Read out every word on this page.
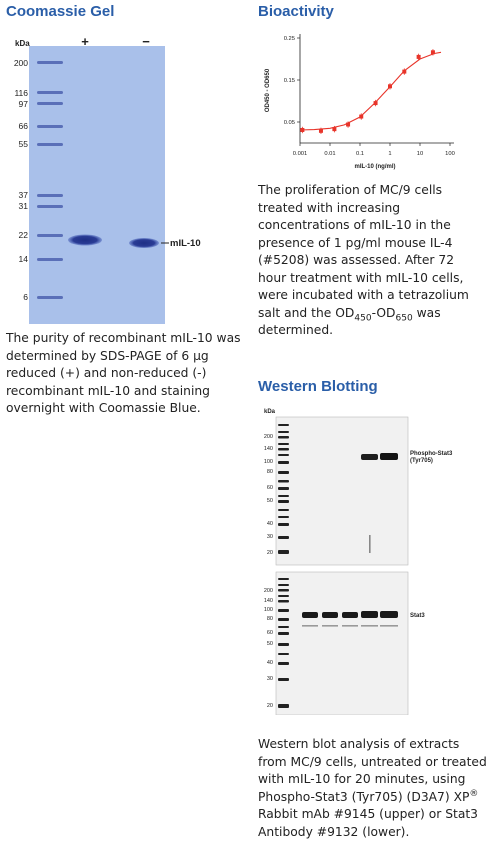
Coomassie Gel
kDa	+	−
200
116
97
66
55
37
31
22
14
6
mIL-10
The purity of recombinant mIL-10 was determined by SDS-PAGE of 6 µg reduced (+) and non-reduced (-) recombinant mIL-10 and staining overnight with Coomassie Blue.
Bioactivity
0.001	0.01	0.1	1	10	100
0.05
0.15
0.25
mIL-10 (ng/ml)
OD450 - OD650
The proliferation of MC/9 cells treated with increasing concentrations of mIL-10 in the presence of 1 pg/ml mouse IL-4 (#5208) was assessed. After 72 hour treatment with mIL-10 cells, were incubated with a tetrazolium salt and the $OD_{450}-OD_{650}$ was determined.
Western Blotting
kDa
200
140
100
80
60
50
40
30
20
Phospho-Stat3
(Tyr705)
200
140
100
80
60
50
40
30
20
Stat3
Western blot analysis of extracts from MC/9 cells, untreated or treated with mIL-10 for 20 minutes, using Phospho-Stat3 (Tyr705) (D3A7) XP® Rabbit mAb #9145 (upper) or Stat3 Antibody #9132 (lower).
